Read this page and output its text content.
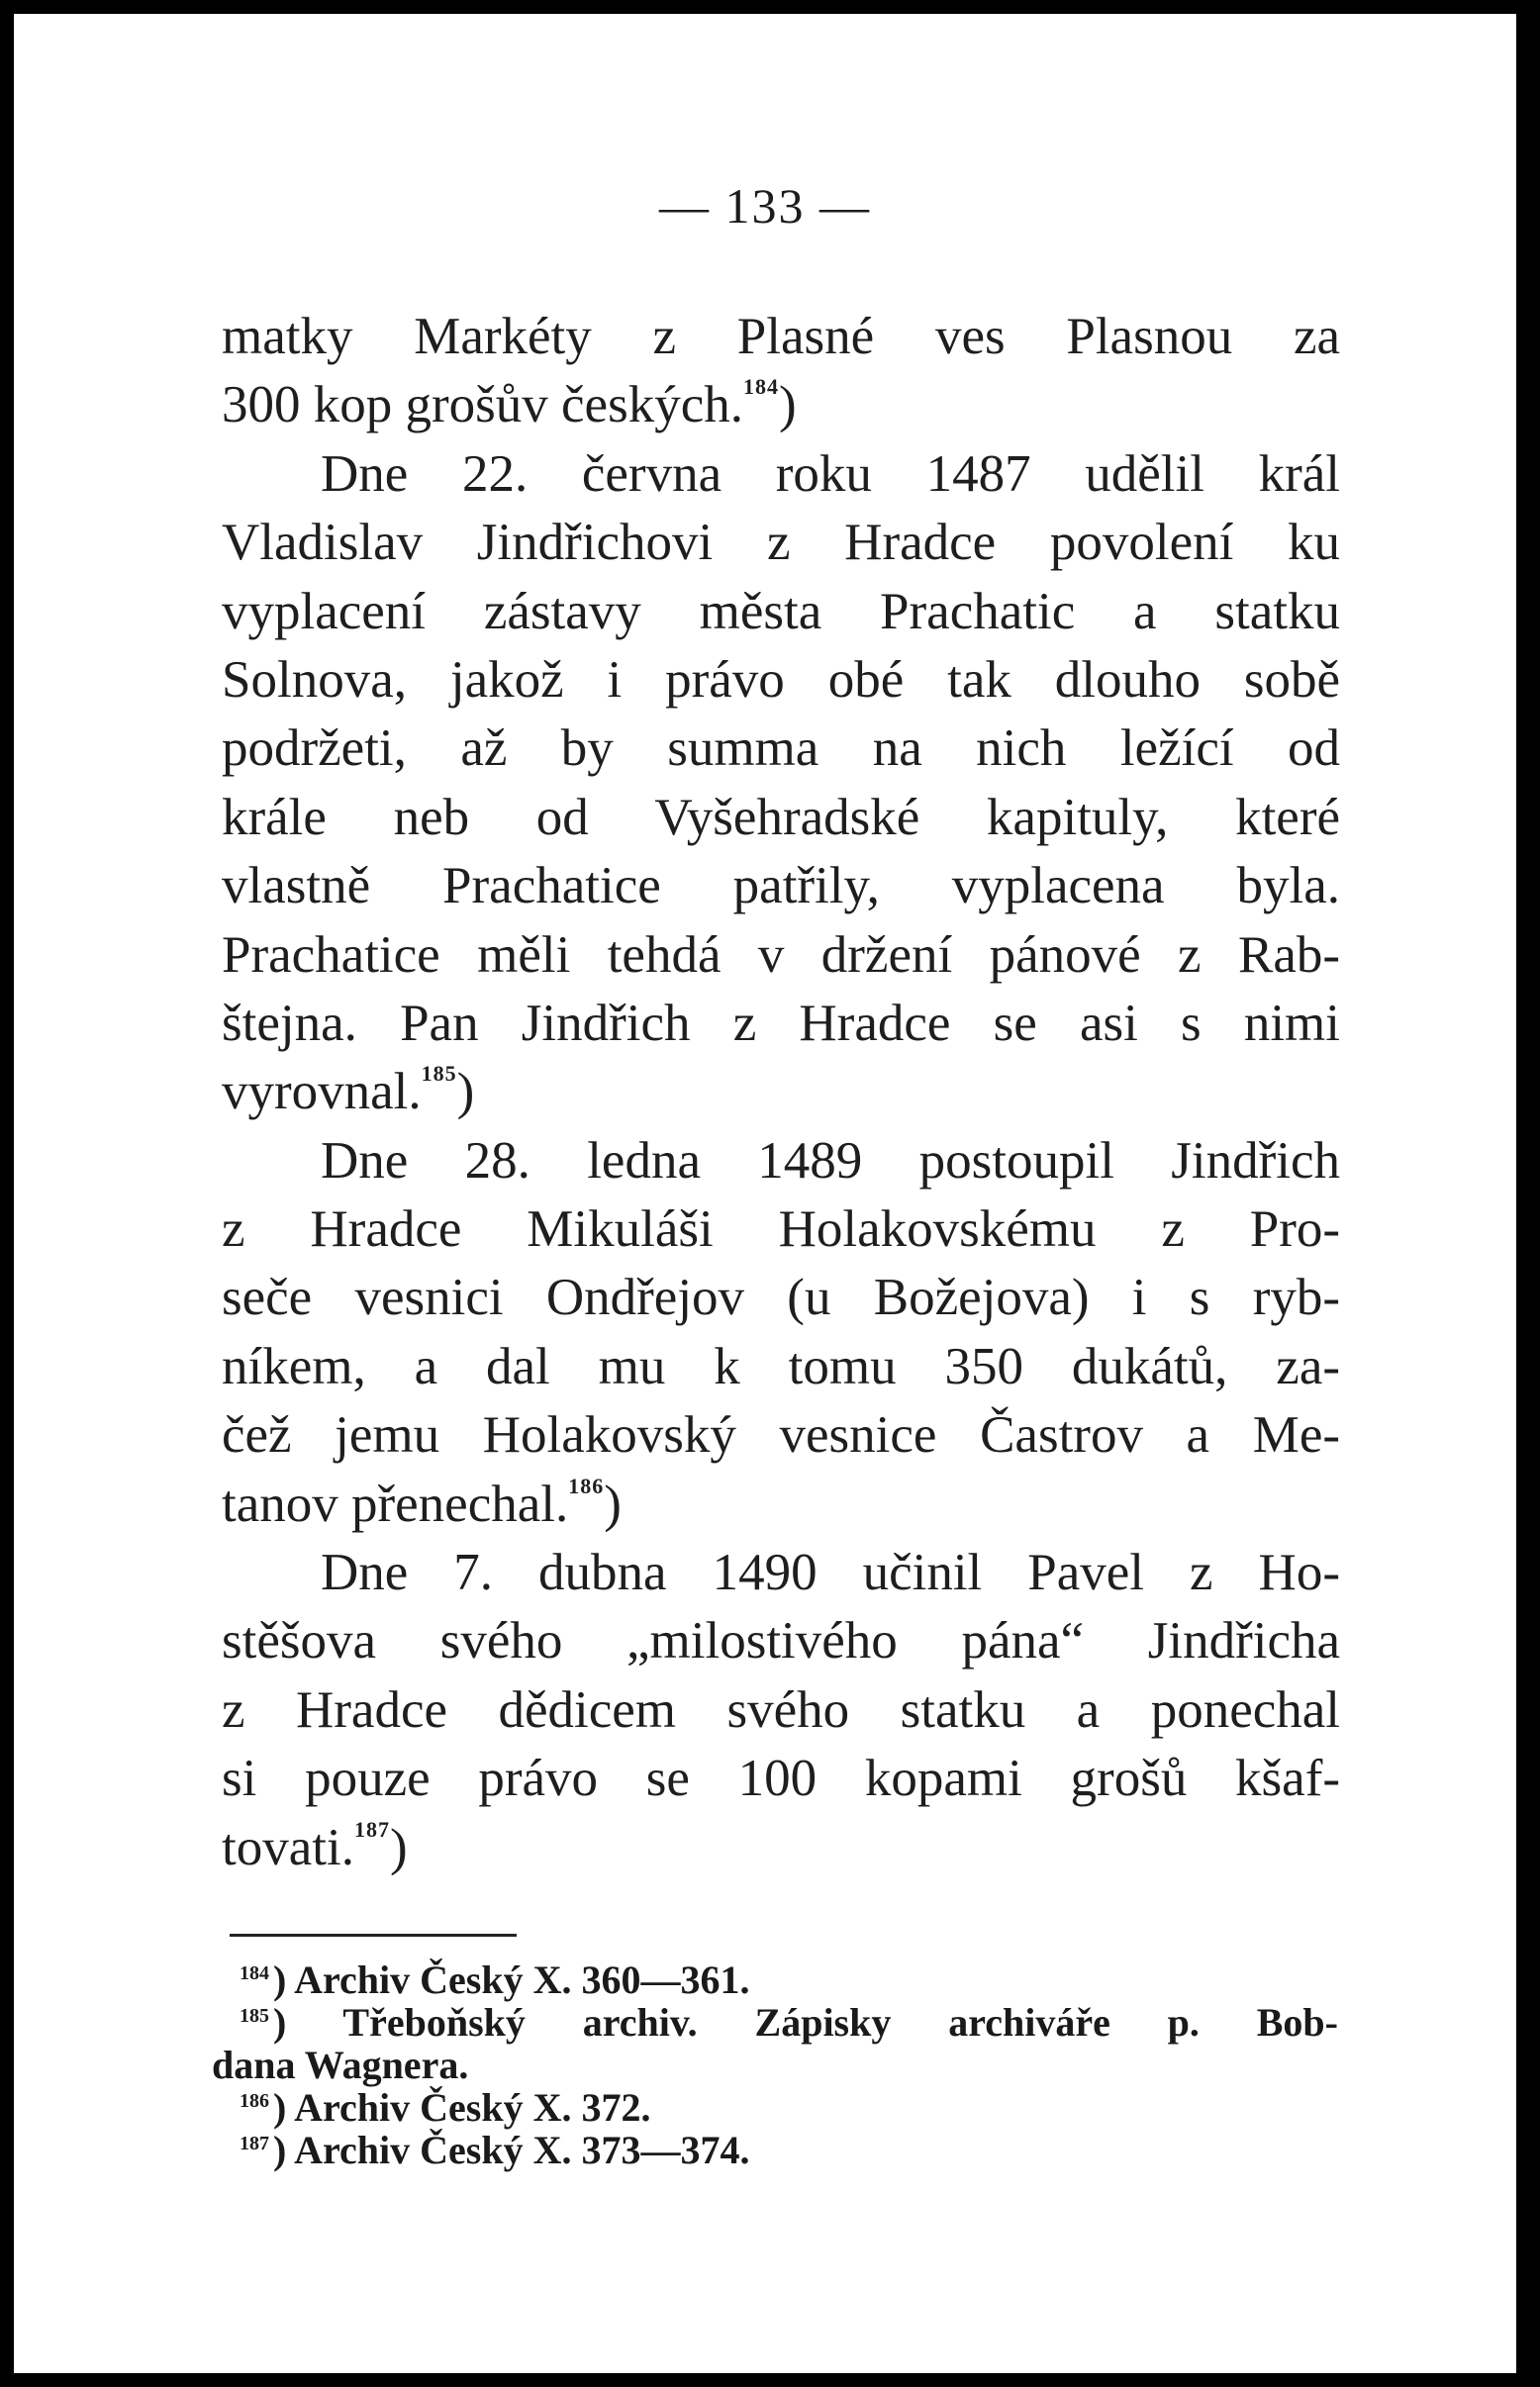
— 133 —
matky Markéty z Plasné ves Plasnou za
300 kop grošův českých.$^{184}$)
Dne 22. června roku 1487 udělil král
Vladislav Jindřichovi z Hradce povolení ku
vyplacení zástavy města Prachatic a statku
Solnova, jakož i právo obé tak dlouho sobě
podržeti, až by summa na nich ležící od
krále neb od Vyšehradské kapituly, které
vlastně Prachatice patřily, vyplacena byla.
Prachatice měli tehdá v držení pánové z Rab-
štejna. Pan Jindřich z Hradce se asi s nimi
vyrovnal.$^{185}$)
Dne 28. ledna 1489 postoupil Jindřich
z Hradce Mikuláši Holakovskému z Pro-
seče vesnici Ondřejov (u Božejova) i s ryb-
níkem, a dal mu k tomu 350 dukátů, za-
čež jemu Holakovský vesnice Častrov a Me-
tanov přenechal.$^{186}$)
Dne 7. dubna 1490 učinil Pavel z Ho-
stěšova svého „milostivého pána“ Jindřicha
z Hradce dědicem svého statku a ponechal
si pouze právo se 100 kopami grošů kšaf-
tovati.$^{187}$)
$^{184}$ ) Archiv Český X. 360—361.
$^{185}$ ) Třeboňský archiv. Zápisky archiváře p. Bob-
dana Wagnera.
$^{186}$ ) Archiv Český X. 372.
$^{187}$ ) Archiv Český X. 373—374.
